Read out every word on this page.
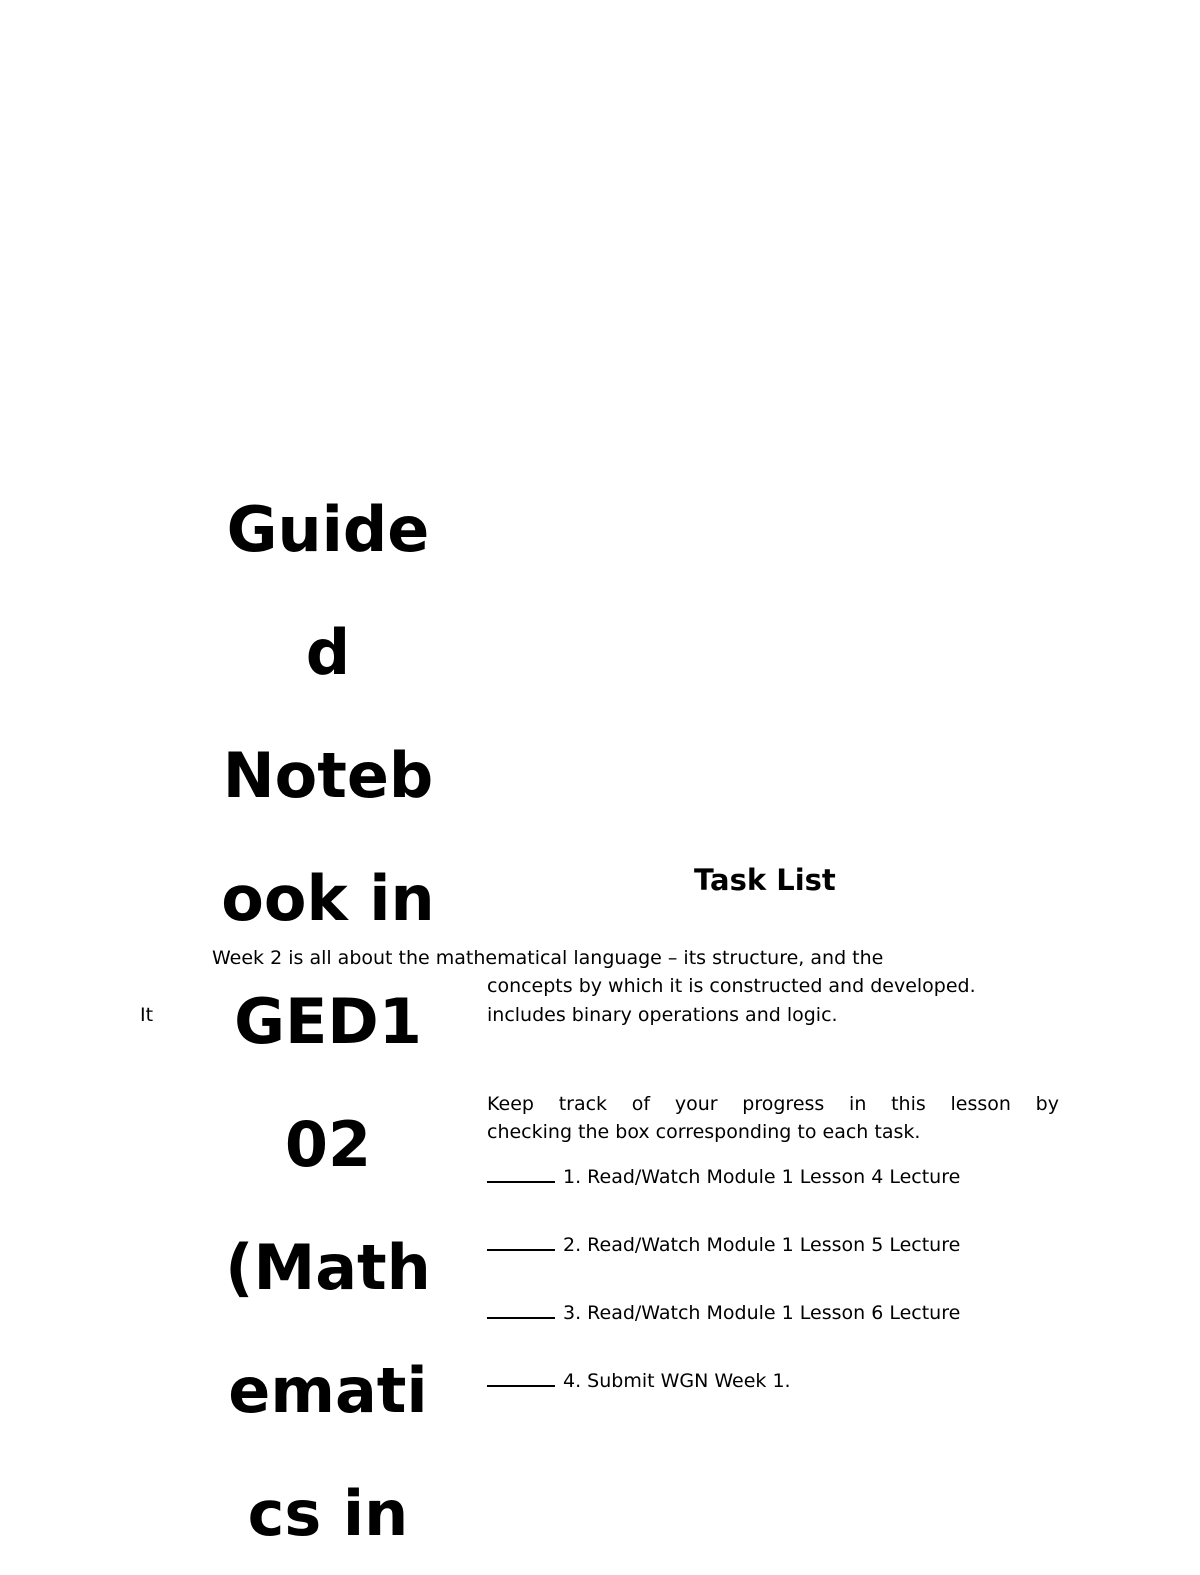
Guide
d
Noteb
ook in
GED1
02
(Math
emati
cs in
Task List
Week 2 is all about the mathematical language – its structure, and the
concepts by which it is constructed and developed.
It	includes binary operations and logic.
Keep track of your progress in this lesson by
checking the box corresponding to each task.
1. Read/Watch Module 1 Lesson 4 Lecture
2. Read/Watch Module 1 Lesson 5 Lecture
3. Read/Watch Module 1 Lesson 6 Lecture
4. Submit WGN Week 1.
